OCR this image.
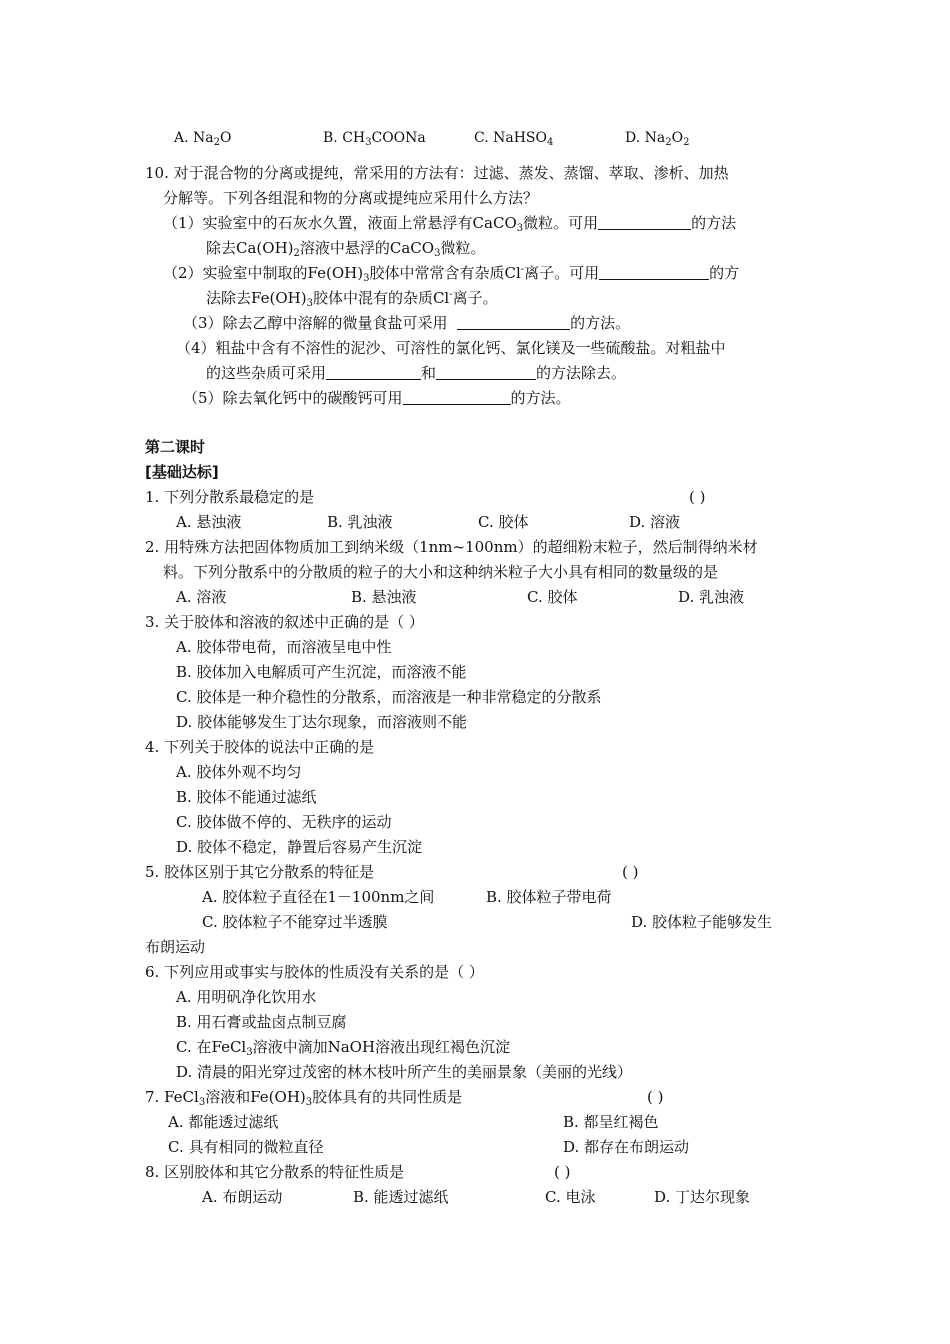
A. $Na_2O$	B. $CH_3COONa$	C. NaHSO$_4$	D. $Na_2O_2$
10. 对于混合物的分离或提纯，常采用的方法有：过滤、蒸发、蒸馏、萃取、渗析、加热
分解等。下列各组混和物的分离或提纯应采用什么方法？
（1）实验室中的石灰水久置，液面上常悬浮有CaCO$_3$微粒。可用	的方法
除去$Ca(OH)_2$溶液中悬浮的CaCO$_3$微粒。
（2）实验室中制取的$Fe(OH)_3$胶体中常常含有杂质Cl-离子。可用	的方
法除去$Fe(OH)_3$胶体中混有的杂质Cl-离子。
（3）除去乙醇中溶解的微量食盐可采用	的方法。
（4）粗盐中含有不溶性的泥沙、可溶性的氯化钙、氯化镁及一些硫酸盐。对粗盐中
的这些杂质可采用	和	的方法除去。
（5）除去氧化钙中的碳酸钙可用	的方法。
第二课时
[基础达标]
1. 下列分散系最稳定的是	( )
A. 悬浊液	B. 乳浊液	C. 胶体	D. 溶液
2. 用特殊方法把固体物质加工到纳米级（1nm~100nm）的超细粉末粒子，然后制得纳米材
料。下列分散系中的分散质的粒子的大小和这种纳米粒子大小具有相同的数量级的是
A. 溶液	B. 悬浊液	C. 胶体	D. 乳浊液
3. 关于胶体和溶液的叙述中正确的是（ ）
A. 胶体带电荷，而溶液呈电中性
B. 胶体加入电解质可产生沉淀，而溶液不能
C. 胶体是一种介稳性的分散系，而溶液是一种非常稳定的分散系
D. 胶体能够发生丁达尔现象，而溶液则不能
4. 下列关于胶体的说法中正确的是
A. 胶体外观不均匀
B. 胶体不能通过滤纸
C. 胶体做不停的、无秩序的运动
D. 胶体不稳定，静置后容易产生沉淀
5. 胶体区别于其它分散系的特征是	( )
A. 胶体粒子直径在1－100nm之间	B. 胶体粒子带电荷
C. 胶体粒子不能穿过半透膜	D. 胶体粒子能够发生
布朗运动
6. 下列应用或事实与胶体的性质没有关系的是（ ）
A. 用明矾净化饮用水
B. 用石膏或盐卤点制豆腐
C. 在FeCl$_3$溶液中滴加NaOH溶液出现红褐色沉淀
D. 清晨的阳光穿过茂密的林木枝叶所产生的美丽景象（美丽的光线）
7. FeCl$_3$溶液和$Fe(OH)_3$胶体具有的共同性质是	( )
A. 都能透过滤纸	B. 都呈红褐色
C. 具有相同的微粒直径	D. 都存在布朗运动
8. 区别胶体和其它分散系的特征性质是	( )
A. 布朗运动	B. 能透过滤纸	C. 电泳	D. 丁达尔现象
